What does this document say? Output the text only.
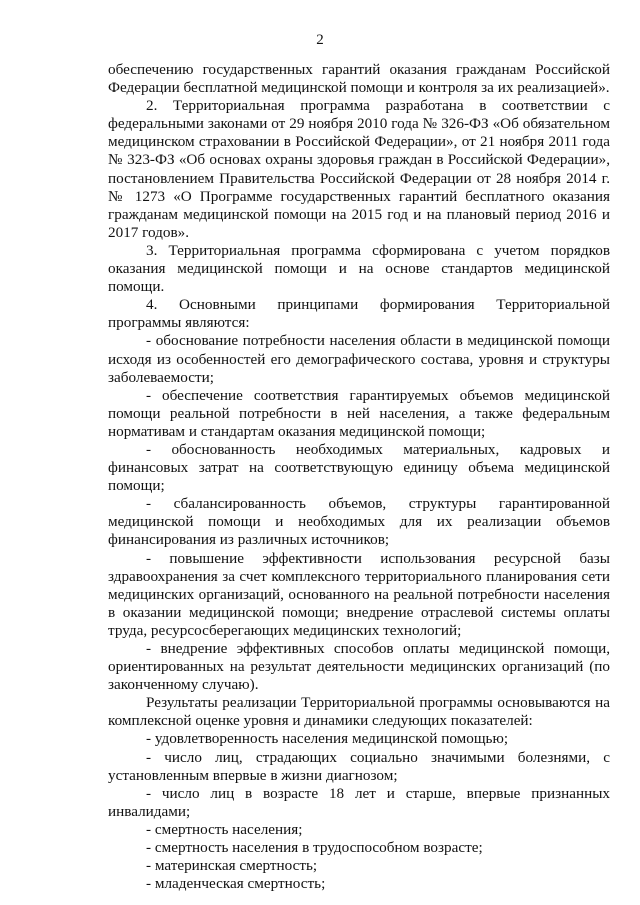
2

обеспечению государственных гарантий оказания гражданам Российской Федерации бесплатной медицинской помощи и контроля за их реализацией».

2. Территориальная программа разработана в соответствии с федеральными законами от 29 ноября 2010 года № 326-ФЗ «Об обязательном медицинском страховании в Российской Федерации», от 21 ноября 2011 года № 323-ФЗ «Об основах охраны здоровья граждан в Российской Федерации», постановлением Правительства Российской Федерации от 28 ноября 2014 г. № 1273 «О Программе государственных гарантий бесплатного оказания гражданам медицинской помощи на 2015 год и на плановый период 2016 и 2017 годов».

3. Территориальная программа сформирована с учетом порядков оказания медицинской помощи и на основе стандартов медицинской помощи.

4. Основными принципами формирования Территориальной программы являются:

- обоснование потребности населения области в медицинской помощи исходя из особенностей его демографического состава, уровня и структуры заболеваемости;

- обеспечение соответствия гарантируемых объемов медицинской помощи реальной потребности в ней населения, а также федеральным нормативам и стандартам оказания медицинской помощи;

- обоснованность необходимых материальных, кадровых и финансовых затрат на соответствующую единицу объема медицинской помощи;

- сбалансированность объемов, структуры гарантированной медицинской помощи и необходимых для их реализации объемов финансирования из различных источников;

- повышение эффективности использования ресурсной базы здравоохранения за счет комплексного территориального планирования сети медицинских организаций, основанного на реальной потребности населения в оказании медицинской помощи; внедрение отраслевой системы оплаты труда, ресурсосберегающих медицинских технологий;

- внедрение эффективных способов оплаты медицинской помощи, ориентированных на результат деятельности медицинских организаций (по законченному случаю).

Результаты реализации Территориальной программы основываются на комплексной оценке уровня и динамики следующих показателей:

- удовлетворенность населения медицинской помощью;

- число лиц, страдающих социально значимыми болезнями, с установленным впервые в жизни диагнозом;

- число лиц в возрасте 18 лет и старше, впервые признанных инвалидами;

- смертность населения;

- смертность населения в трудоспособном возрасте;

- материнская смертность;

- младенческая смертность;
